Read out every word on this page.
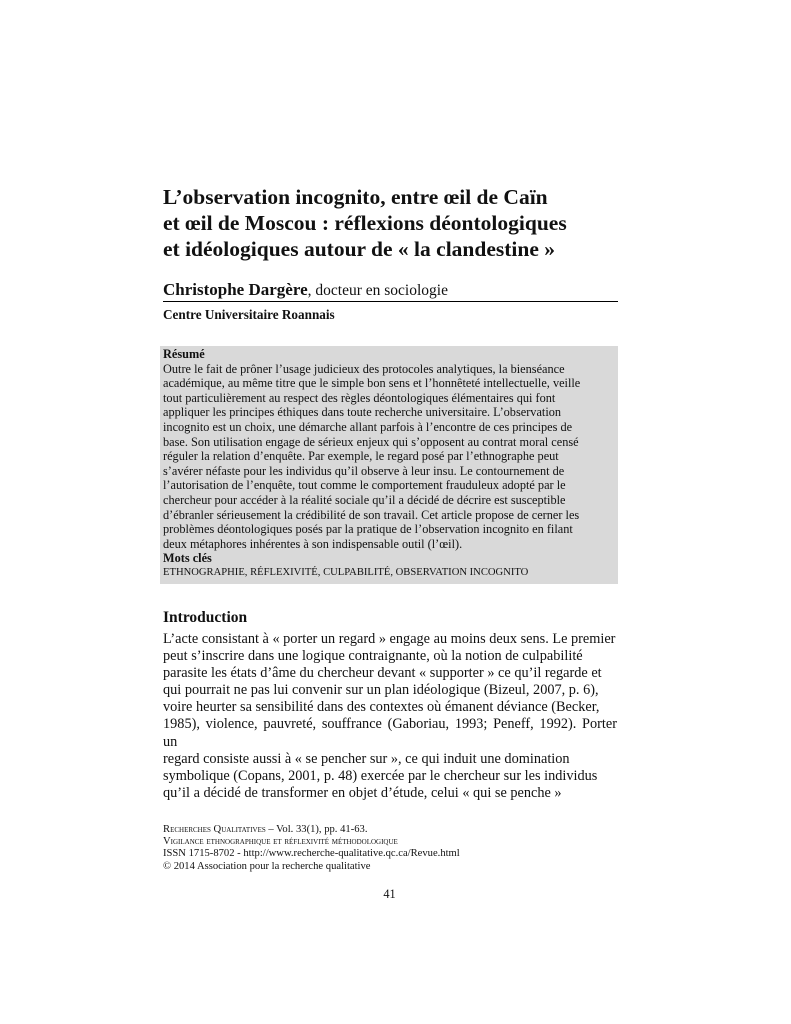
L’observation incognito, entre œil de Caïn
et œil de Moscou : réflexions déontologiques
et idéologiques autour de « la clandestine »
Christophe Dargère, docteur en sociologie
Centre Universitaire Roannais
Résumé
Outre le fait de prôner l’usage judicieux des protocoles analytiques, la bienséance
académique, au même titre que le simple bon sens et l’honnêteté intellectuelle, veille
tout particulièrement au respect des règles déontologiques élémentaires qui font
appliquer les principes éthiques dans toute recherche universitaire. L’observation
incognito est un choix, une démarche allant parfois à l’encontre de ces principes de
base. Son utilisation engage de sérieux enjeux qui s’opposent au contrat moral censé
réguler la relation d’enquête. Par exemple, le regard posé par l’ethnographe peut
s’avérer néfaste pour les individus qu’il observe à leur insu. Le contournement de
l’autorisation de l’enquête, tout comme le comportement frauduleux adopté par le
chercheur pour accéder à la réalité sociale qu’il a décidé de décrire est susceptible
d’ébranler sérieusement la crédibilité de son travail. Cet article propose de cerner les
problèmes déontologiques posés par la pratique de l’observation incognito en filant
deux métaphores inhérentes à son indispensable outil (l’œil).
Mots clés
ETHNOGRAPHIE, RÉFLEXIVITÉ, CULPABILITÉ, OBSERVATION INCOGNITO
Introduction
L’acte consistant à « porter un regard » engage au moins deux sens. Le premier
peut s’inscrire dans une logique contraignante, où la notion de culpabilité
parasite les états d’âme du chercheur devant « supporter » ce qu’il regarde et
qui pourrait ne pas lui convenir sur un plan idéologique (Bizeul, 2007, p. 6),
voire heurter sa sensibilité dans des contextes où émanent déviance (Becker,
1985), violence, pauvreté, souffrance (Gaboriau, 1993; Peneff, 1992). Porter un
regard consiste aussi à « se pencher sur », ce qui induit une domination
symbolique (Copans, 2001, p. 48) exercée par le chercheur sur les individus
qu’il a décidé de transformer en objet d’étude, celui « qui se penche »
Recherches Qualitatives – Vol. 33(1), pp. 41-63.
Vigilance ethnographique et réflexivité méthodologique
ISSN 1715-8702 - http://www.recherche-qualitative.qc.ca/Revue.html
© 2014 Association pour la recherche qualitative
41
